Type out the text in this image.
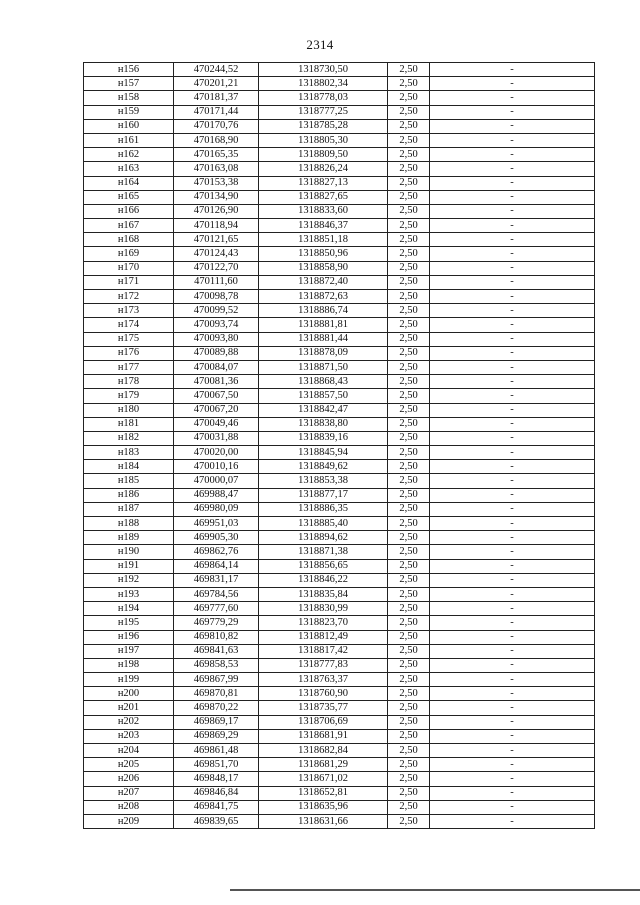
2314
н156	470244,52	1318730,50	2,50	-
н157	470201,21	1318802,34	2,50	-
н158	470181,37	1318778,03	2,50	-
н159	470171,44	1318777,25	2,50	-
н160	470170,76	1318785,28	2,50	-
н161	470168,90	1318805,30	2,50	-
н162	470165,35	1318809,50	2,50	-
н163	470163,08	1318826,24	2,50	-
н164	470153,38	1318827,13	2,50	-
н165	470134,90	1318827,65	2,50	-
н166	470126,90	1318833,60	2,50	-
н167	470118,94	1318846,37	2,50	-
н168	470121,65	1318851,18	2,50	-
н169	470124,43	1318850,96	2,50	-
н170	470122,70	1318858,90	2,50	-
н171	470111,60	1318872,40	2,50	-
н172	470098,78	1318872,63	2,50	-
н173	470099,52	1318886,74	2,50	-
н174	470093,74	1318881,81	2,50	-
н175	470093,80	1318881,44	2,50	-
н176	470089,88	1318878,09	2,50	-
н177	470084,07	1318871,50	2,50	-
н178	470081,36	1318868,43	2,50	-
н179	470067,50	1318857,50	2,50	-
н180	470067,20	1318842,47	2,50	-
н181	470049,46	1318838,80	2,50	-
н182	470031,88	1318839,16	2,50	-
н183	470020,00	1318845,94	2,50	-
н184	470010,16	1318849,62	2,50	-
н185	470000,07	1318853,38	2,50	-
н186	469988,47	1318877,17	2,50	-
н187	469980,09	1318886,35	2,50	-
н188	469951,03	1318885,40	2,50	-
н189	469905,30	1318894,62	2,50	-
н190	469862,76	1318871,38	2,50	-
н191	469864,14	1318856,65	2,50	-
н192	469831,17	1318846,22	2,50	-
н193	469784,56	1318835,84	2,50	-
н194	469777,60	1318830,99	2,50	-
н195	469779,29	1318823,70	2,50	-
н196	469810,82	1318812,49	2,50	-
н197	469841,63	1318817,42	2,50	-
н198	469858,53	1318777,83	2,50	-
н199	469867,99	1318763,37	2,50	-
н200	469870,81	1318760,90	2,50	-
н201	469870,22	1318735,77	2,50	-
н202	469869,17	1318706,69	2,50	-
н203	469869,29	1318681,91	2,50	-
н204	469861,48	1318682,84	2,50	-
н205	469851,70	1318681,29	2,50	-
н206	469848,17	1318671,02	2,50	-
н207	469846,84	1318652,81	2,50	-
н208	469841,75	1318635,96	2,50	-
н209	469839,65	1318631,66	2,50	-
